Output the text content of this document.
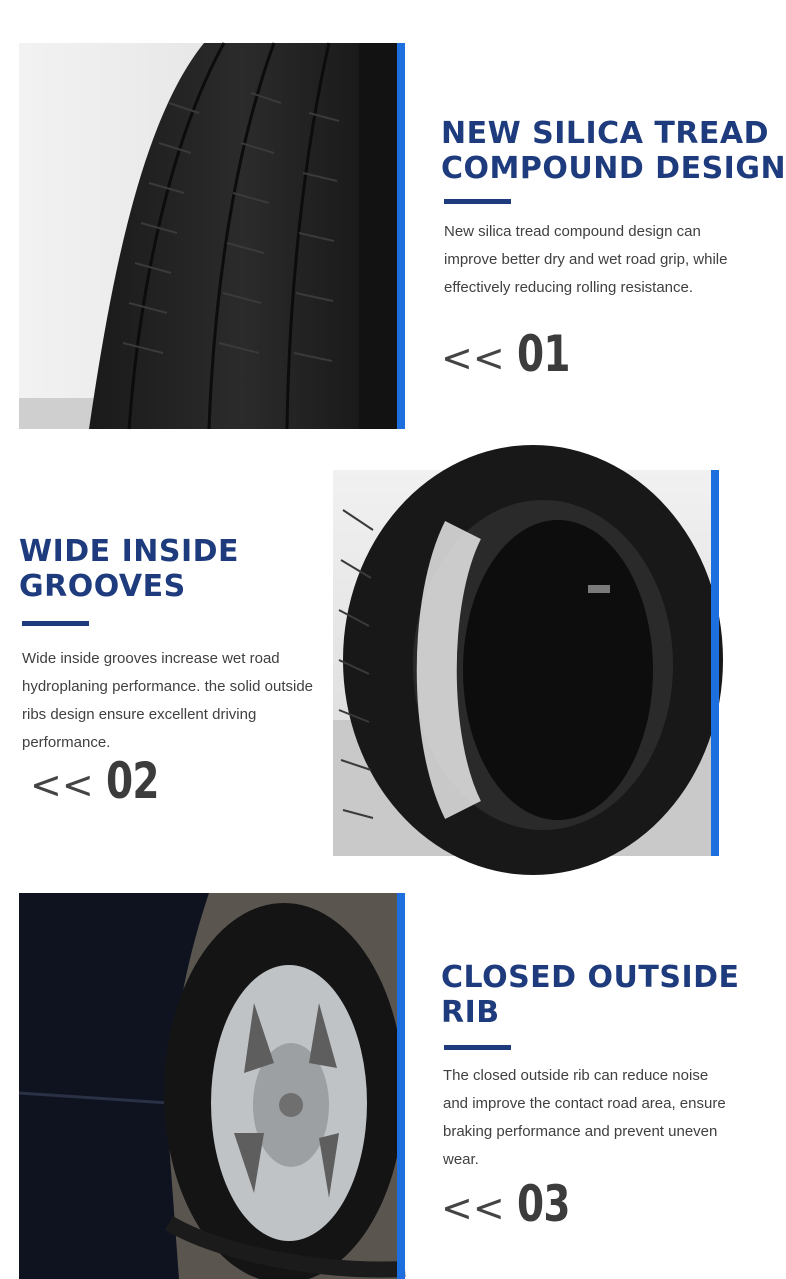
NEW SILICA TREAD
COMPOUND DESIGN

New silica tread compound design can improve better dry and wet road grip, while effectively reducing rolling resistance.

<< 01
WIDE INSIDE
GROOVES

Wide inside grooves increase wet road hydroplaning performance. the solid outside ribs design ensure excellent driving performance.

<< 02
CLOSED OUTSIDE
RIB

The closed outside rib can reduce noise and improve the contact road area, ensure braking performance and prevent uneven wear.

<< 03
